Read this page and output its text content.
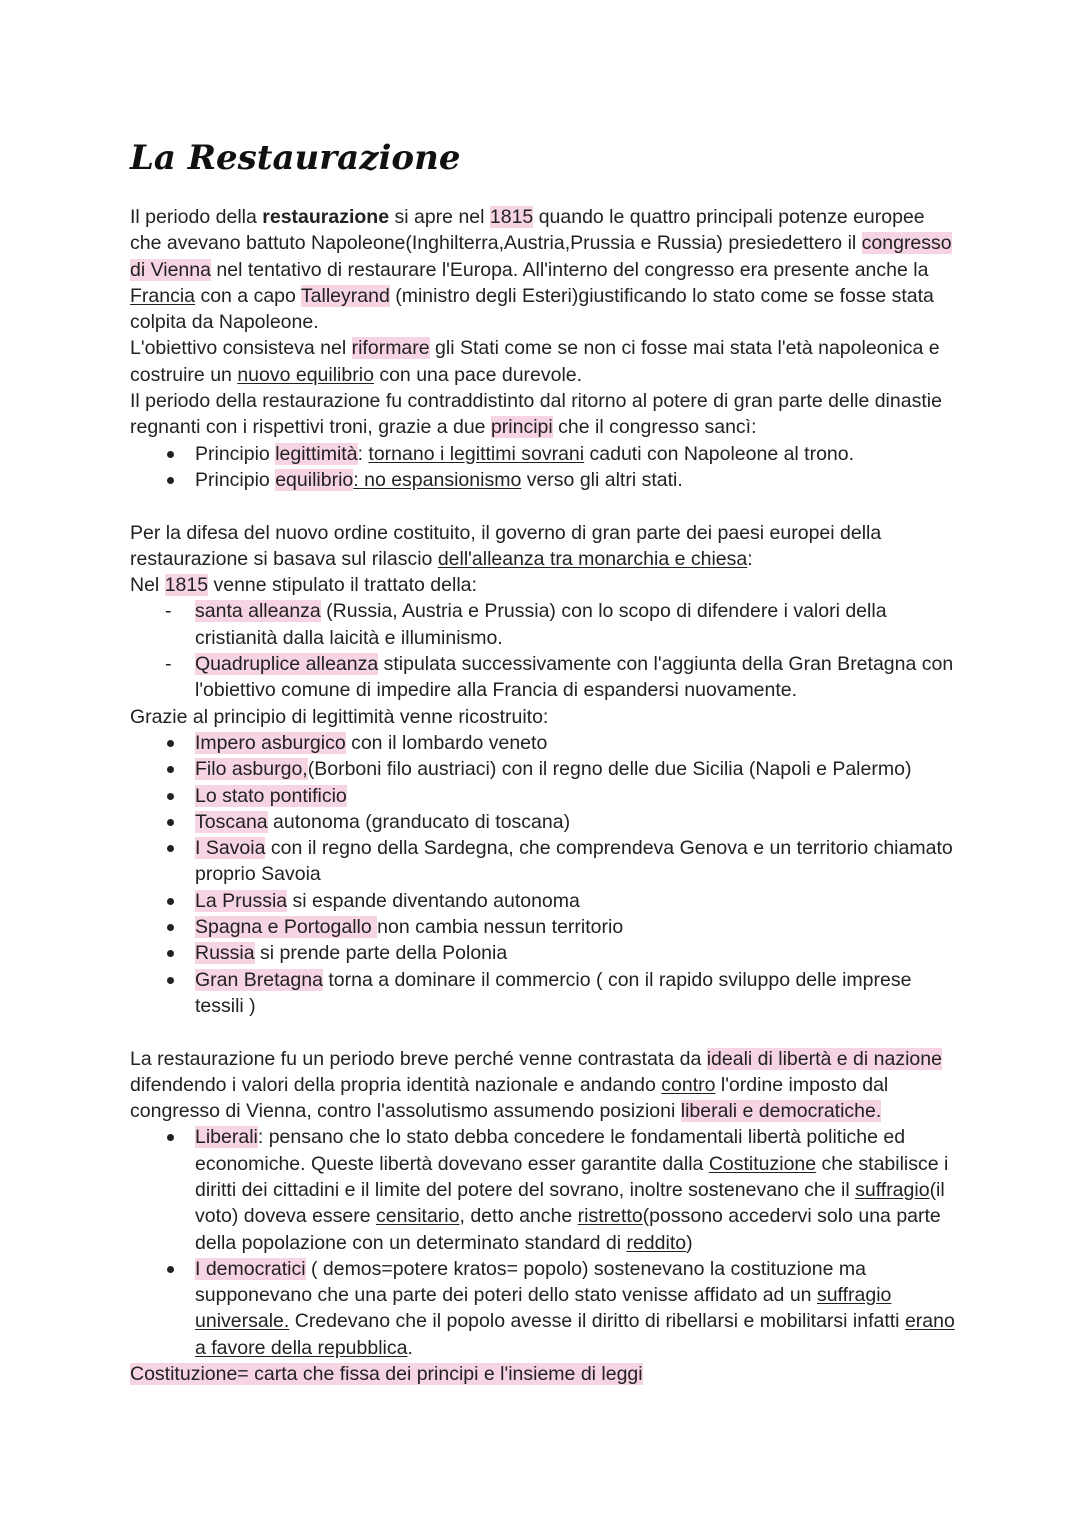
La Restaurazione

Il periodo della restaurazione si apre nel 1815 quando le quattro principali potenze europee che avevano battuto Napoleone(Inghilterra,Austria,Prussia e Russia) presiedettero il congresso di Vienna nel tentativo di restaurare l'Europa. All'interno del congresso era presente anche la Francia con a capo Talleyrand (ministro degli Esteri)giustificando lo stato come se fosse stata colpita da Napoleone.

L'obiettivo consisteva nel riformare gli Stati come se non ci fosse mai stata l'età napoleonica e costruire un nuovo equilibrio con una pace durevole.

Il periodo della restaurazione fu contraddistinto dal ritorno al potere di gran parte delle dinastie regnanti con i rispettivi troni, grazie a due principi che il congresso sancì:

Principio legittimità: tornano i legittimi sovrani caduti con Napoleone al trono.
Principio equilibrio: no espansionismo verso gli altri stati.

Per la difesa del nuovo ordine costituito, il governo di gran parte dei paesi europei della restaurazione si basava sul rilascio dell'alleanza tra monarchia e chiesa:

Nel 1815 venne stipulato il trattato della:

- santa alleanza (Russia, Austria e Prussia) con lo scopo di difendere i valori della cristianità dalla laicità e illuminismo.
- Quadruplice alleanza stipulata successivamente con l'aggiunta della Gran Bretagna con l'obiettivo comune di impedire alla Francia di espandersi nuovamente.

Grazie al principio di legittimità venne ricostruito:

Impero asburgico con il lombardo veneto
Filo asburgo,(Borboni filo austriaci) con il regno delle due Sicilia (Napoli e Palermo)
Lo stato pontificio
Toscana autonoma (granducato di toscana)
I Savoia con il regno della Sardegna, che comprendeva Genova e un territorio chiamato proprio Savoia
La Prussia si espande diventando autonoma
Spagna e Portogallo non cambia nessun territorio
Russia si prende parte della Polonia
Gran Bretagna torna a dominare il commercio ( con il rapido sviluppo delle imprese tessili )

La restaurazione fu un periodo breve perché venne contrastata da ideali di libertà e di nazione difendendo i valori della propria identità nazionale e andando contro l'ordine imposto dal congresso di Vienna, contro l'assolutismo assumendo posizioni liberali e democratiche.

Liberali: pensano che lo stato debba concedere le fondamentali libertà politiche ed economiche. Queste libertà dovevano esser garantite dalla Costituzione che stabilisce i diritti dei cittadini e il limite del potere del sovrano, inoltre sostenevano che il suffragio(il voto) doveva essere censitario, detto anche ristretto(possono accedervi solo una parte della popolazione con un determinato standard di reddito)
I democratici ( demos=potere kratos= popolo) sostenevano la costituzione ma supponevano che una parte dei poteri dello stato venisse affidato ad un suffragio universale. Credevano che il popolo avesse il diritto di ribellarsi e mobilitarsi infatti erano a favore della repubblica.

Costituzione= carta che fissa dei principi e l'insieme di leggi
